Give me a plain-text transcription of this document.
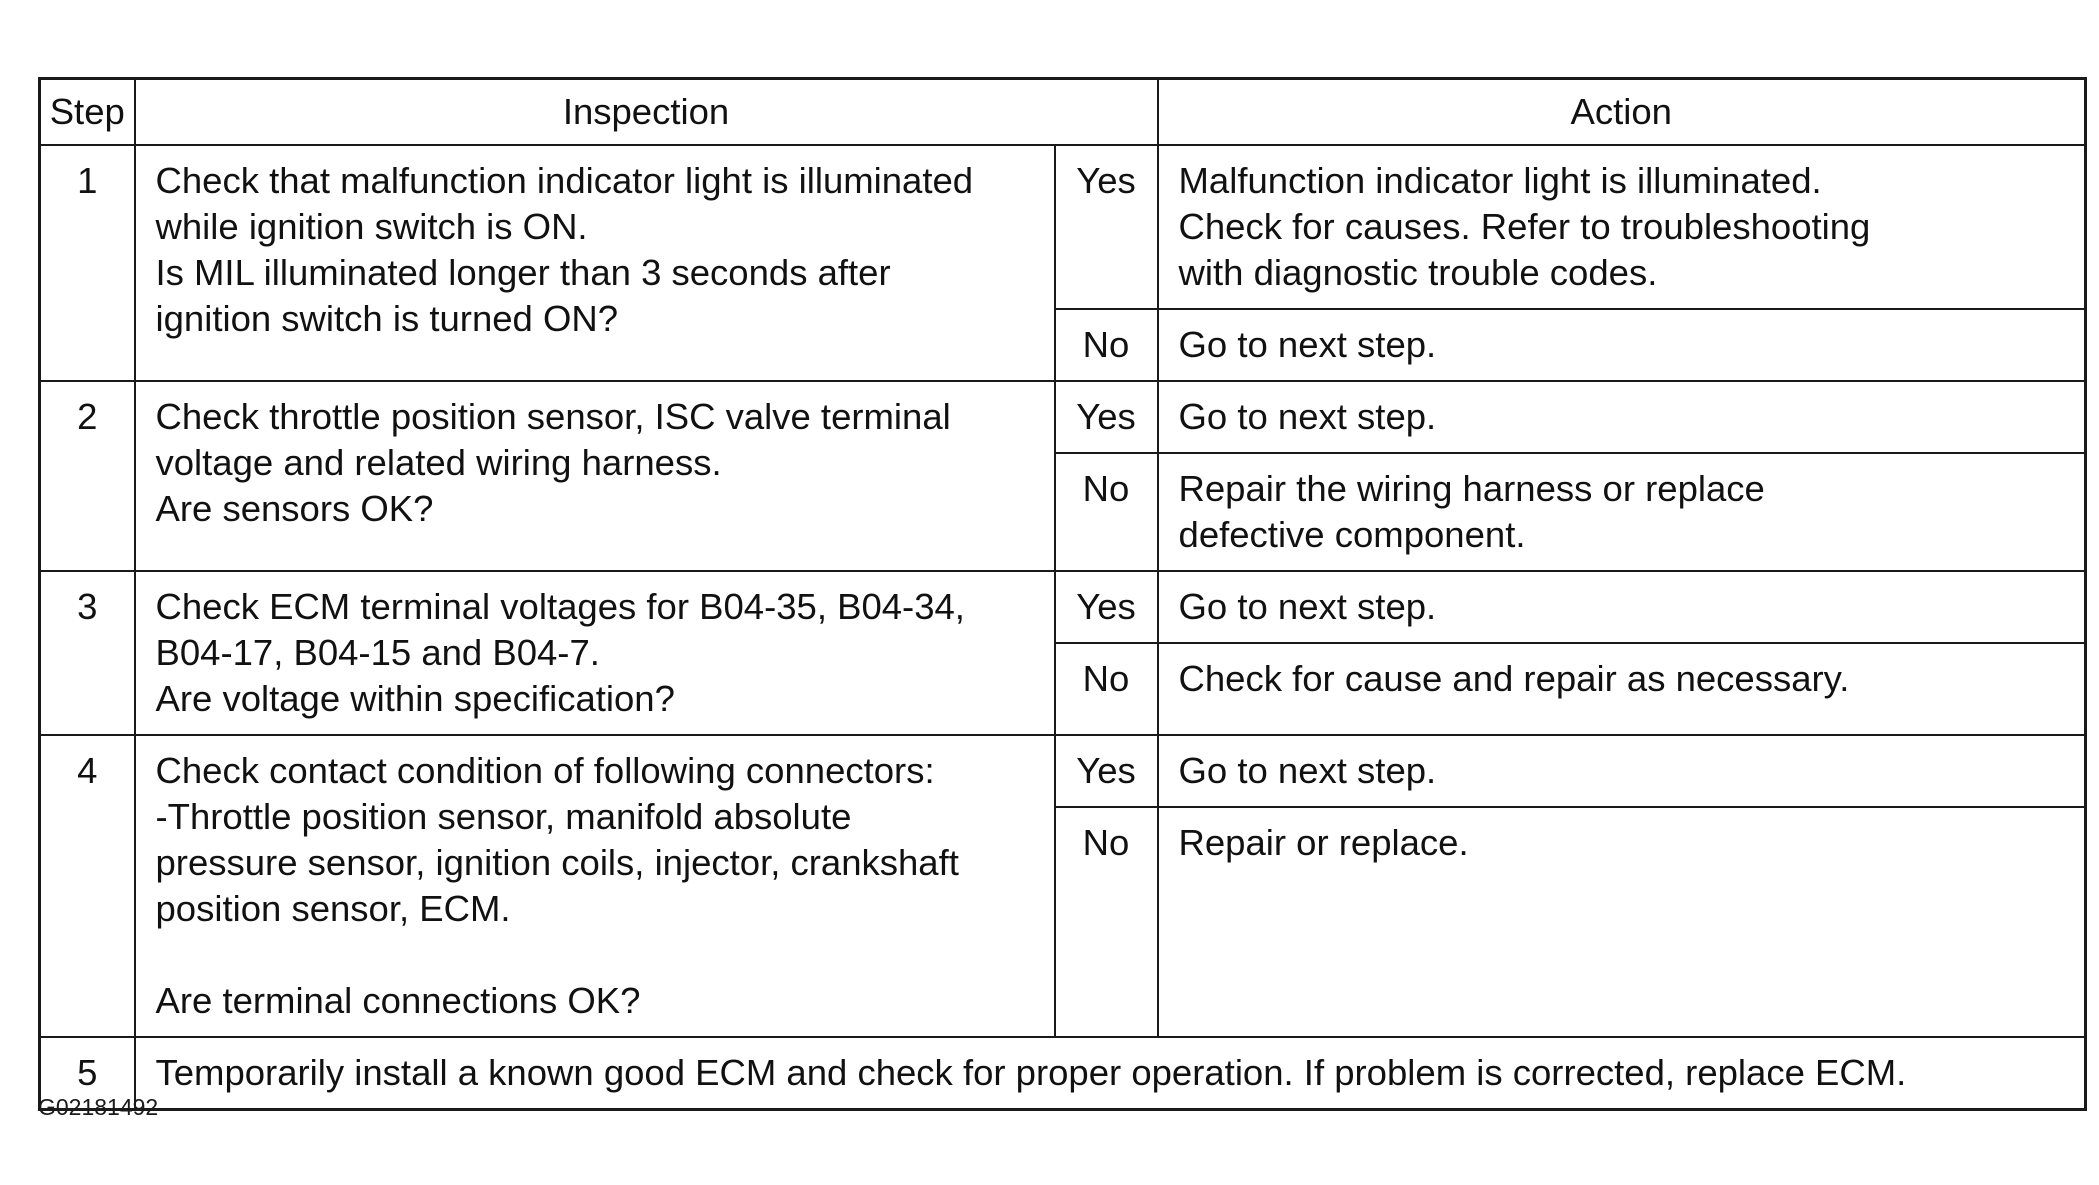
Step	Inspection		Action
1	Check that malfunction indicator light is illuminated
while ignition switch is ON.
Is MIL illuminated longer than 3 seconds after
ignition switch is turned ON?	Yes	Malfunction indicator light is illuminated.
Check for causes. Refer to troubleshooting
with diagnostic trouble codes.
		No	Go to next step.
2	Check throttle position sensor, ISC valve terminal
voltage and related wiring harness.
Are sensors OK?	Yes	Go to next step.
		No	Repair the wiring harness or replace
defective component.
3	Check ECM terminal voltages for B04-35, B04-34,
B04-17, B04-15 and B04-7.
Are voltage within specification?	Yes	Go to next step.
		No	Check for cause and repair as necessary.
4	Check contact condition of following connectors:
-Throttle position sensor, manifold absolute
pressure sensor, ignition coils, injector, crankshaft
position sensor, ECM.

Are terminal connections OK?	Yes	Go to next step.
		No	Repair or replace.
5	Temporarily install a known good ECM and check for proper operation. If problem is corrected, replace ECM.		
G02181492
